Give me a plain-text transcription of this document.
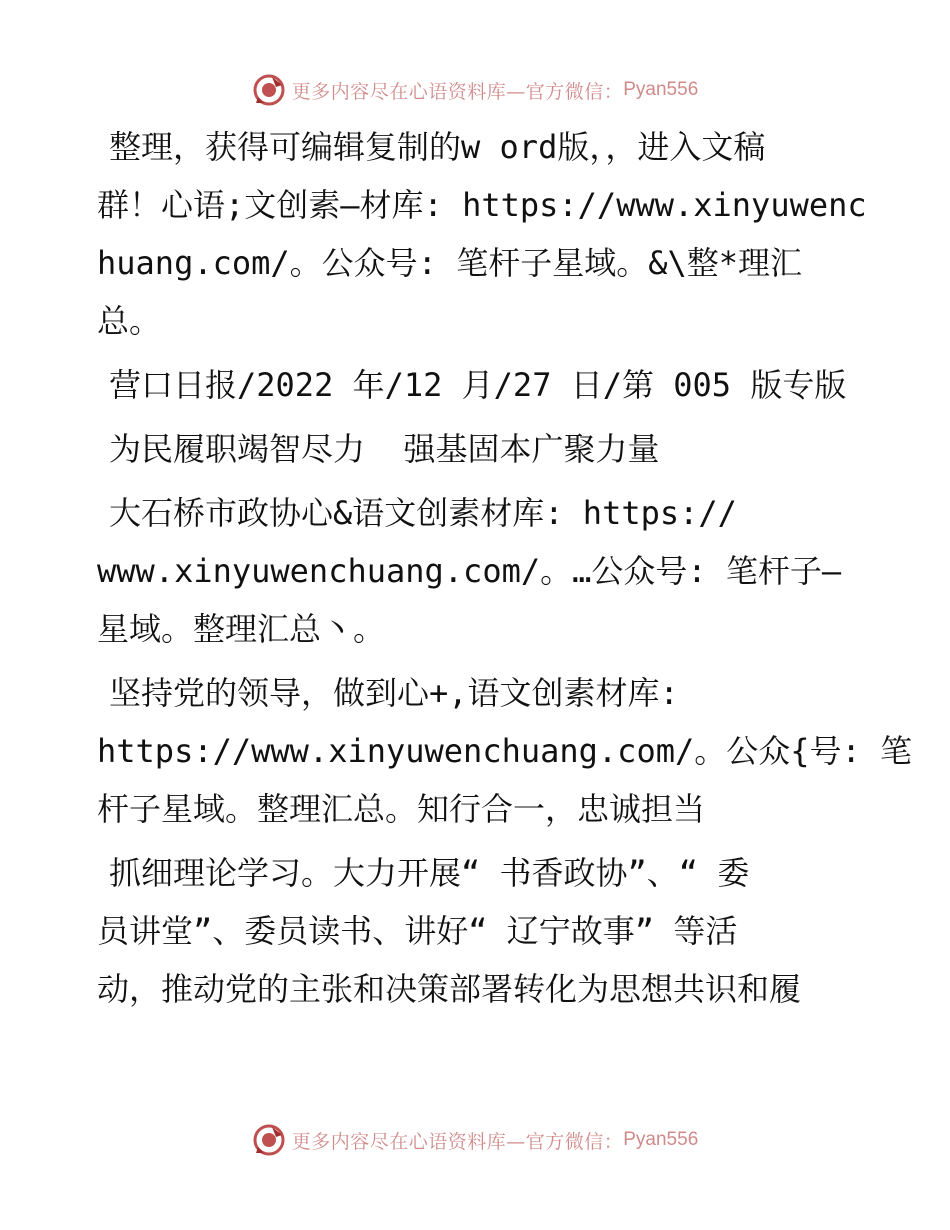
更多内容尽在心语资料库—官方微信： Pyan556
整理，获得可编辑复制的w ord版，，进入文稿
群！心语;文创素—材库: https://www.xinyuwenc
huang.com/。公众号: 笔杆子星域。&\整*理汇
总。
营口日报/2022 年/12 月/27 日/第 005 版专版
为民履职竭智尽力  强基固本广聚力量
大石桥市政协心&语文创素材库: https://
www.xinyuwenchuang.com/。…公众号: 笔杆子—
星域。整理汇总丶。
坚持党的领导，做到心+,语文创素材库:
https://www.xinyuwenchuang.com/。公众{号: 笔
杆子星域。整理汇总。知行合一，忠诚担当
抓细理论学习。大力开展“ 书香政协”、“ 委
员讲堂”、委员读书、讲好“ 辽宁故事” 等活
动，推动党的主张和决策部署转化为思想共识和履
更多内容尽在心语资料库—官方微信： Pyan556
